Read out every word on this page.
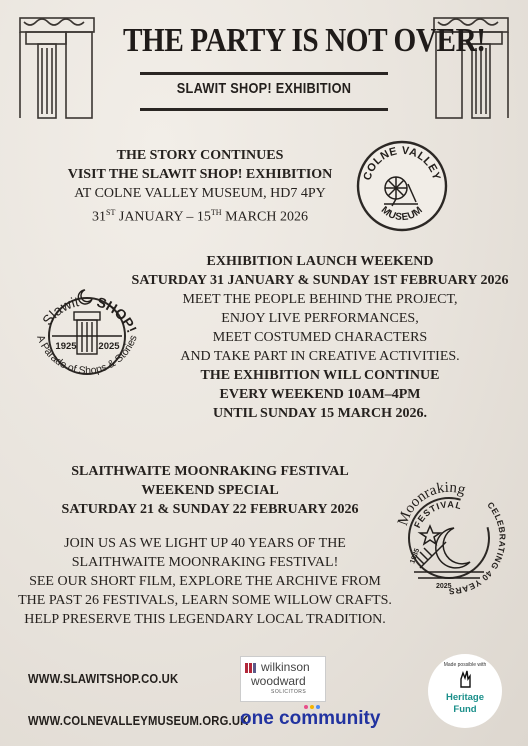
THE PARTY IS NOT OVER!
SLAWIT SHOP! EXHIBITION
THE STORY CONTINUES
VISIT THE SLAWIT SHOP! EXHIBITION
AT COLNE VALLEY MUSEUM, HD7 4PY
31ST JANUARY – 15TH MARCH 2026
COLNE VALLEY
MUSEUM
EXHIBITION LAUNCH WEEKEND
SATURDAY 31 JANUARY & SUNDAY 1ST FEBRUARY 2026
MEET THE PEOPLE BEHIND THE PROJECT,
ENJOY LIVE PERFORMANCES,
MEET COSTUMED CHARACTERS
AND TAKE PART IN CREATIVE ACTIVITIES.
THE EXHIBITION WILL CONTINUE
EVERY WEEKEND 10AM–4PM
UNTIL SUNDAY 15 MARCH 2026.
Slawit SHOP!
A Parade of Shops & Stories
1925 2025
SLAITHWAITE MOONRAKING FESTIVAL
WEEKEND SPECIAL
SATURDAY 21 & SUNDAY 22 FEBRUARY 2026
JOIN US AS WE LIGHT UP 40 YEARS OF THE
SLAITHWAITE MOONRAKING FESTIVAL!
SEE OUR SHORT FILM, EXPLORE THE ARCHIVE FROM
THE PAST 26 FESTIVALS, LEARN SOME WILLOW CRAFTS.
HELP PRESERVE THIS LEGENDARY LOCAL TRADITION.
Moonraking
FESTIVAL	CELEBRATING 40 YEARS
1985
2025
WWW.SLAWITSHOP.CO.UK
WWW.COLNEVALLEYMUSEUM.ORG.UK
wilkinson
woodward
SOLICITORS
one community
Made possible with
Heritage
Fund
